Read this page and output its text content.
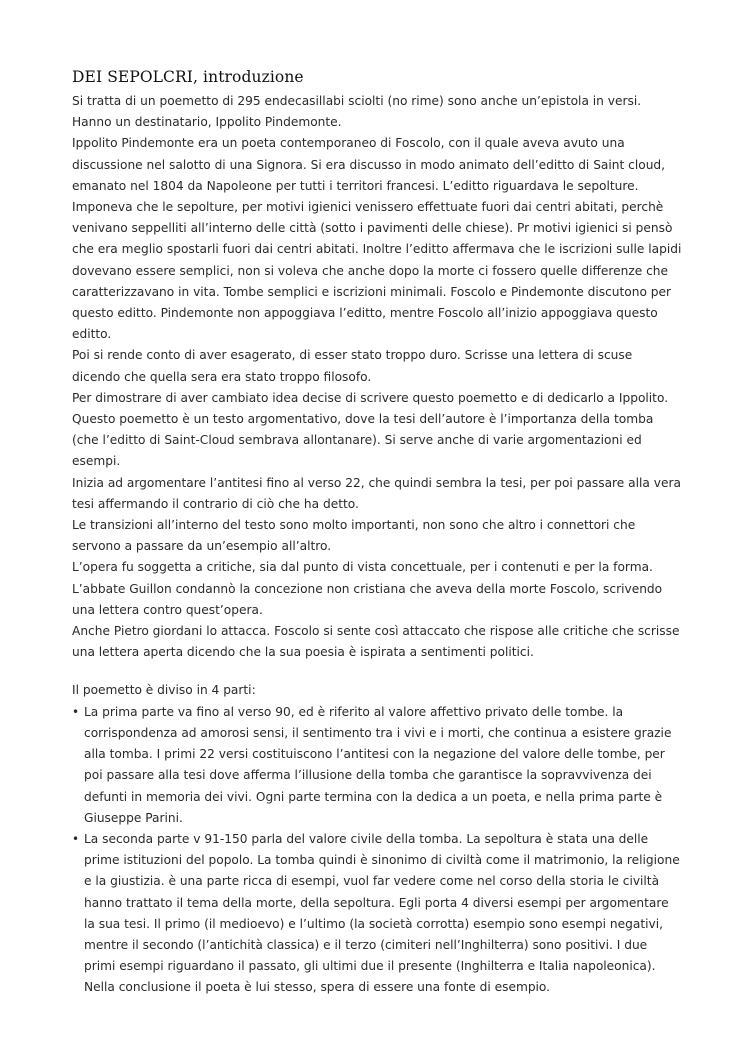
DEI SEPOLCRI, introduzione

Si tratta di un poemetto di 295 endecasillabi sciolti (no rime) sono anche un’epistola in versi. Hanno un destinatario, Ippolito Pindemonte.

Ippolito Pindemonte era un poeta contemporaneo di Foscolo, con il quale aveva avuto una discussione nel salotto di una Signora. Si era discusso in modo animato dell’editto di Saint cloud, emanato nel 1804 da Napoleone per tutti i territori francesi. L’editto riguardava le sepolture. Imponeva che le sepolture, per motivi igienici venissero effettuate fuori dai centri abitati, perchè venivano seppelliti all’interno delle città (sotto i pavimenti delle chiese). Pr motivi igienici si pensò che era meglio spostarli fuori dai centri abitati. Inoltre l’editto affermava che le iscrizioni sulle lapidi dovevano essere semplici, non si voleva che anche dopo la morte ci fossero quelle differenze che caratterizzavano in vita. Tombe semplici e iscrizioni minimali. Foscolo e Pindemonte discutono per questo editto. Pindemonte non appoggiava l’editto, mentre Foscolo all’inizio appoggiava questo editto.

Poi si rende conto di aver esagerato, di esser stato troppo duro. Scrisse una lettera di scuse dicendo che quella sera era stato troppo filosofo.

Per dimostrare di aver cambiato idea decise di scrivere questo poemetto e di dedicarlo a Ippolito.

Questo poemetto è un testo argomentativo, dove la tesi dell’autore è l’importanza della tomba (che l’editto di Saint-Cloud sembrava allontanare). Si serve anche di varie argomentazioni ed esempi.

Inizia ad argomentare l’antitesi fino al verso 22, che quindi sembra la tesi, per poi passare alla vera tesi affermando il contrario di ciò che ha detto.

Le transizioni all’interno del testo sono molto importanti, non sono che altro i connettori che servono a passare da un’esempio all’altro.

L’opera fu soggetta a critiche, sia dal punto di vista concettuale, per i contenuti e per la forma.

L’abbate Guillon condannò la concezione non cristiana che aveva della morte Foscolo, scrivendo una lettera contro quest’opera.

Anche Pietro giordani lo attacca. Foscolo si sente così attaccato che rispose alle critiche che scrisse una lettera aperta dicendo che la sua poesia è ispirata a sentimenti politici.

Il poemetto è diviso in 4 parti:

• La prima parte va fino al verso 90, ed è riferito al valore affettivo privato delle tombe. la corrispondenza ad amorosi sensi, il sentimento tra i vivi e i morti, che continua a esistere grazie alla tomba. I primi 22 versi costituiscono l’antitesi con la negazione del valore delle tombe, per poi passare alla tesi dove afferma l’illusione della tomba che garantisce la sopravvivenza dei defunti in memoria dei vivi. Ogni parte termina con la dedica a un poeta, e nella prima parte è Giuseppe Parini.
• La seconda parte v 91-150 parla del valore civile della tomba. La sepoltura è stata una delle prime istituzioni del popolo. La tomba quindi è sinonimo di civiltà come il matrimonio, la religione e la giustizia. è una parte ricca di esempi, vuol far vedere come nel corso della storia le civiltà hanno trattato il tema della morte, della sepoltura. Egli porta 4 diversi esempi per argomentare la sua tesi. Il primo (il medioevo) e l’ultimo (la società corrotta) esempio sono esempi negativi, mentre il secondo (l’antichità classica) e il terzo (cimiteri nell’Inghilterra) sono positivi. I due primi esempi riguardano il passato, gli ultimi due il presente (Inghilterra e Italia napoleonica). Nella conclusione il poeta è lui stesso, spera di essere una fonte di esempio.
